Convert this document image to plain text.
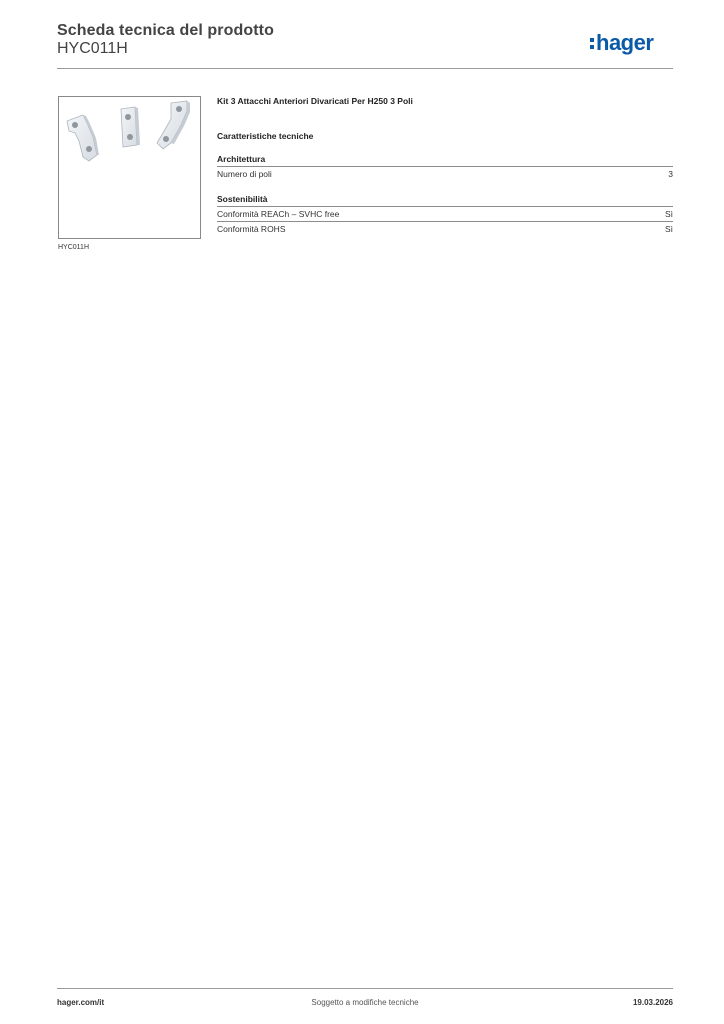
Scheda tecnica del prodotto
HYC011H	hager
HYC011H
Kit 3 Attacchi Anteriori Divaricati Per H250 3 Poli
Caratteristiche tecniche
Architettura
Numero di poli	3
Sostenibilità
Conformità REACh – SVHC free	Sì
Conformità ROHS	Sì
hager.com/it	Soggetto a modifiche tecniche	19.03.2026
